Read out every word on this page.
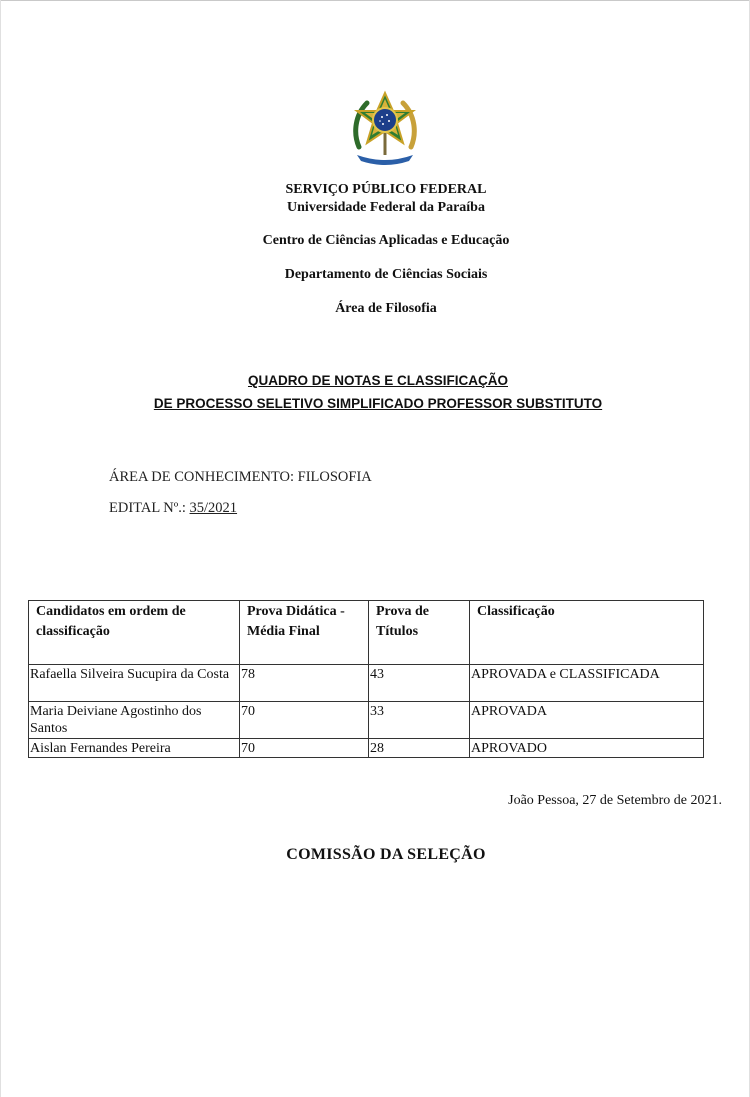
SERVIÇO PÚBLICO FEDERAL
Universidade Federal da Paraíba
Centro de Ciências Aplicadas e Educação
Departamento de Ciências Sociais
Área de Filosofia
QUADRO DE NOTAS E CLASSIFICAÇÃO
DE PROCESSO SELETIVO SIMPLIFICADO PROFESSOR SUBSTITUTO
ÁREA DE CONHECIMENTO: FILOSOFIA
EDITAL Nº.: 35/2021
Candidatos em ordem de classificação	Prova Didática - Média Final	Prova de Títulos	Classificação
Rafaella Silveira Sucupira da Costa	78	43	APROVADA e CLASSIFICADA
Maria Deiviane Agostinho dos Santos	70	33	APROVADA
Aislan Fernandes Pereira	70	28	APROVADO
João Pessoa, 27 de Setembro de 2021.
COMISSÃO DA SELEÇÃO
